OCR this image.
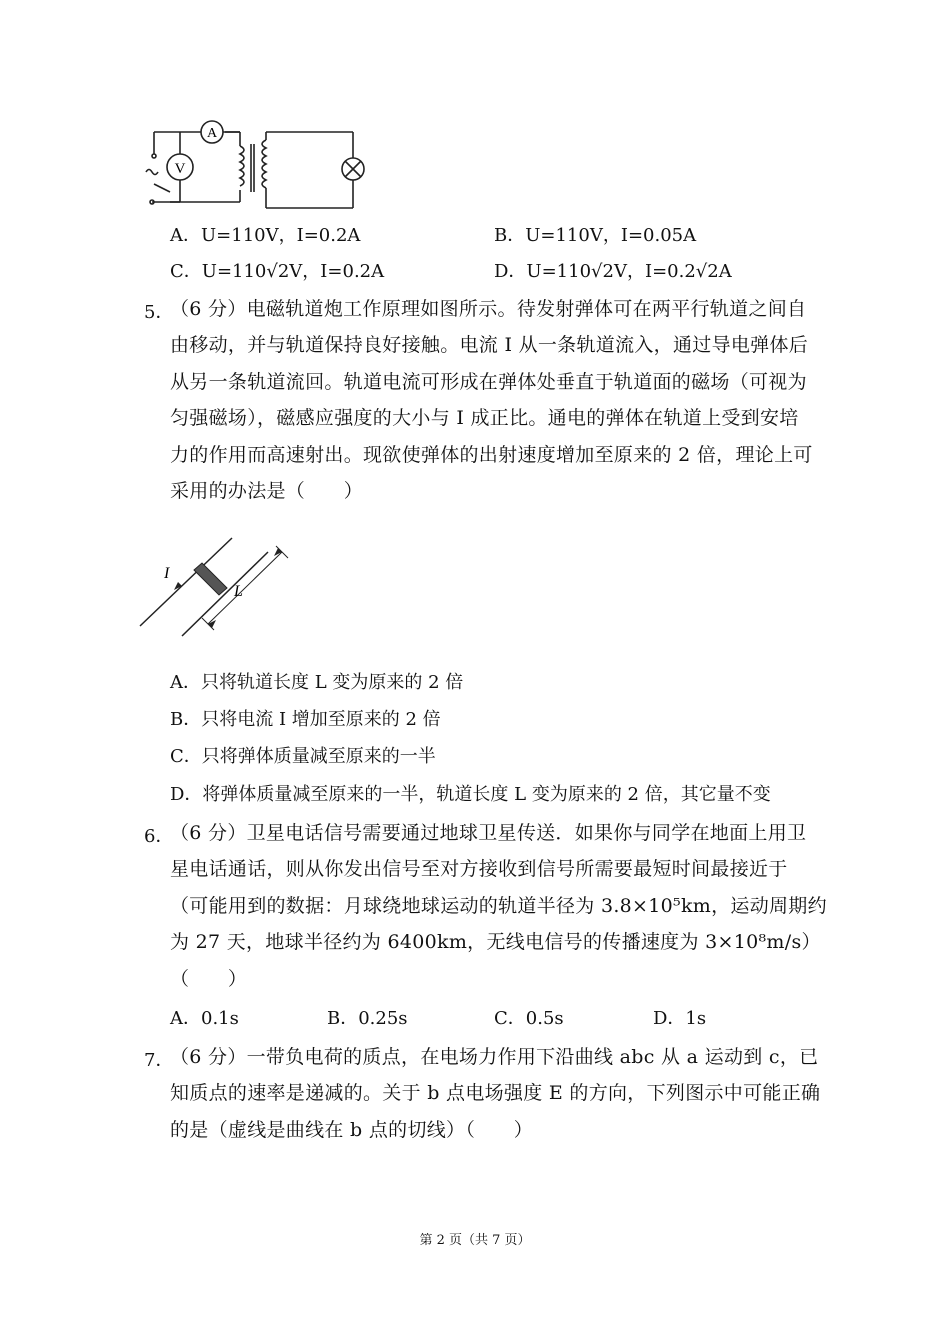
V
A
A．U=110V，I=0.2A	B．U=110V，I=0.05A
C．U=110√2V，I=0.2A	D．U=110√2V，I=0.2√2A
5．
（6 分）电磁轨道炮工作原理如图所示。待发射弹体可在两平行轨道之间自
由移动，并与轨道保持良好接触。电流 I 从一条轨道流入，通过导电弹体后
从另一条轨道流回。轨道电流可形成在弹体处垂直于轨道面的磁场（可视为
匀强磁场），磁感应强度的大小与 I 成正比。通电的弹体在轨道上受到安培
力的作用而高速射出。现欲使弹体的出射速度增加至原来的 2 倍，理论上可
采用的办法是（　　）
I
L
A．只将轨道长度 L 变为原来的 2 倍
B．只将电流 I 增加至原来的 2 倍
C．只将弹体质量减至原来的一半
D．将弹体质量减至原来的一半，轨道长度 L 变为原来的 2 倍，其它量不变
6．
（6 分）卫星电话信号需要通过地球卫星传送．如果你与同学在地面上用卫
星电话通话，则从你发出信号至对方接收到信号所需要最短时间最接近于
（可能用到的数据：月球绕地球运动的轨道半径为 3.8×10⁵km，运动周期约
为 27 天，地球半径约为 6400km，无线电信号的传播速度为 3×10⁸m/s）
（　　）
A．0.1s	B．0.25s	C．0.5s	D．1s
7．
（6 分）一带负电荷的质点，在电场力作用下沿曲线 abc 从 a 运动到 c，已
知质点的速率是递减的。关于 b 点电场强度 E 的方向，下列图示中可能正确
的是（虚线是曲线在 b 点的切线）（　　）
第 2 页（共 7 页）
